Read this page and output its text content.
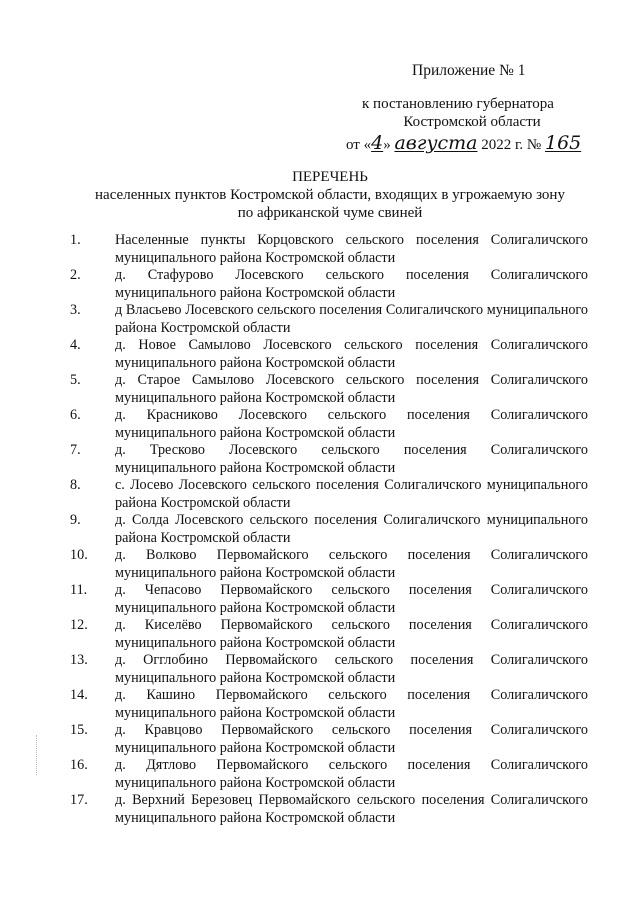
Приложение № 1
к постановлению губернатора
Костромской области
от «4» августа 2022 г. № 165
ПЕРЕЧЕНЬ
населенных пунктов Костромской области, входящих в угрожаемую зону
по африканской чуме свиней
1.	Населенные пункты Корцовского сельского поселения Солигаличского муниципального района Костромской области
2.	д. Стафурово Лосевского сельского поселения Солигаличского муниципального района Костромской области
3.	д Власьево Лосевского сельского поселения Солигаличского муниципального района Костромской области
4.	д. Новое Самылово Лосевского сельского поселения Солигаличского муниципального района Костромской области
5.	д. Старое Самылово Лосевского сельского поселения Солигаличского муниципального района Костромской области
6.	д. Красниково Лосевского сельского поселения Солигаличского муниципального района Костромской области
7.	д. Тресково Лосевского сельского поселения Солигаличского муниципального района Костромской области
8.	с. Лосево Лосевского сельского поселения Солигаличского муниципального района Костромской области
9.	д. Солда Лосевского сельского поселения Солигаличского муниципального района Костромской области
10.	д. Волково Первомайского сельского поселения Солигаличского муниципального района Костромской области
11.	д. Чепасово Первомайского сельского поселения Солигаличского муниципального района Костромской области
12.	д. Киселёво Первомайского сельского поселения Солигаличского муниципального района Костромской области
13.	д. Огглобино Первомайского сельского поселения Солигаличского муниципального района Костромской области
14.	д. Кашино Первомайского сельского поселения Солигаличского муниципального района Костромской области
15.	д. Кравцово Первомайского сельского поселения Солигаличского муниципального района Костромской области
16.	д. Дятлово Первомайского сельского поселения Солигаличского муниципального района Костромской области
17.	д. Верхний Березовец Первомайского сельского поселения Солигаличского муниципального района Костромской области
